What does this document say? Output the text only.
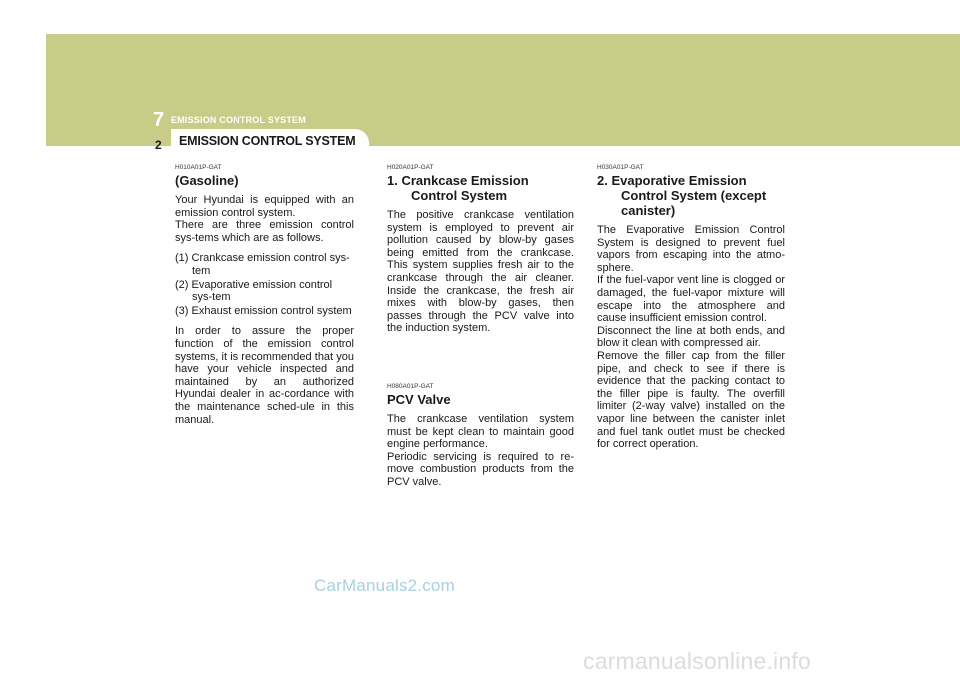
7 EMISSION CONTROL SYSTEM
EMISSION CONTROL SYSTEM
2

H010A01P-GAT

(Gasoline)

Your Hyundai is equipped with an emission control system.

There are three emission control sys-tems which are as follows.

(1) Crankcase emission control sys-tem
(2) Evaporative emission control sys-tem
(3) Exhaust emission control system

In order to assure the proper function of the emission control systems, it is recommended that you have your vehicle inspected and maintained by an authorized Hyundai dealer in ac-cordance with the maintenance sched-ule in this manual.

H020A01P-GAT

1. Crankcase Emission Control System

The positive crankcase ventilation system is employed to prevent air pollution caused by blow-by gases being emitted from the crankcase. This system supplies fresh air to the crankcase through the air cleaner. Inside the crankcase, the fresh air mixes with blow-by gases, then passes through the PCV valve into the induction system.

H080A01P-GAT

PCV Valve

The crankcase ventilation system must be kept clean to maintain good engine performance.

Periodic servicing is required to re-move combustion products from the PCV valve.

H030A01P-GAT

2. Evaporative Emission Control System (except canister)

The Evaporative Emission Control System is designed to prevent fuel vapors from escaping into the atmo-sphere.

If the fuel-vapor vent line is clogged or damaged, the fuel-vapor mixture will escape into the atmosphere and cause insufficient emission control.

Disconnect the line at both ends, and blow it clean with compressed air.

Remove the filler cap from the filler pipe, and check to see if there is evidence that the packing contact to the filler pipe is faulty. The overfill limiter (2-way valve) installed on the vapor line between the canister inlet and fuel tank outlet must be checked for correct operation.

CarManuals2.com
carmanualsonline.info
